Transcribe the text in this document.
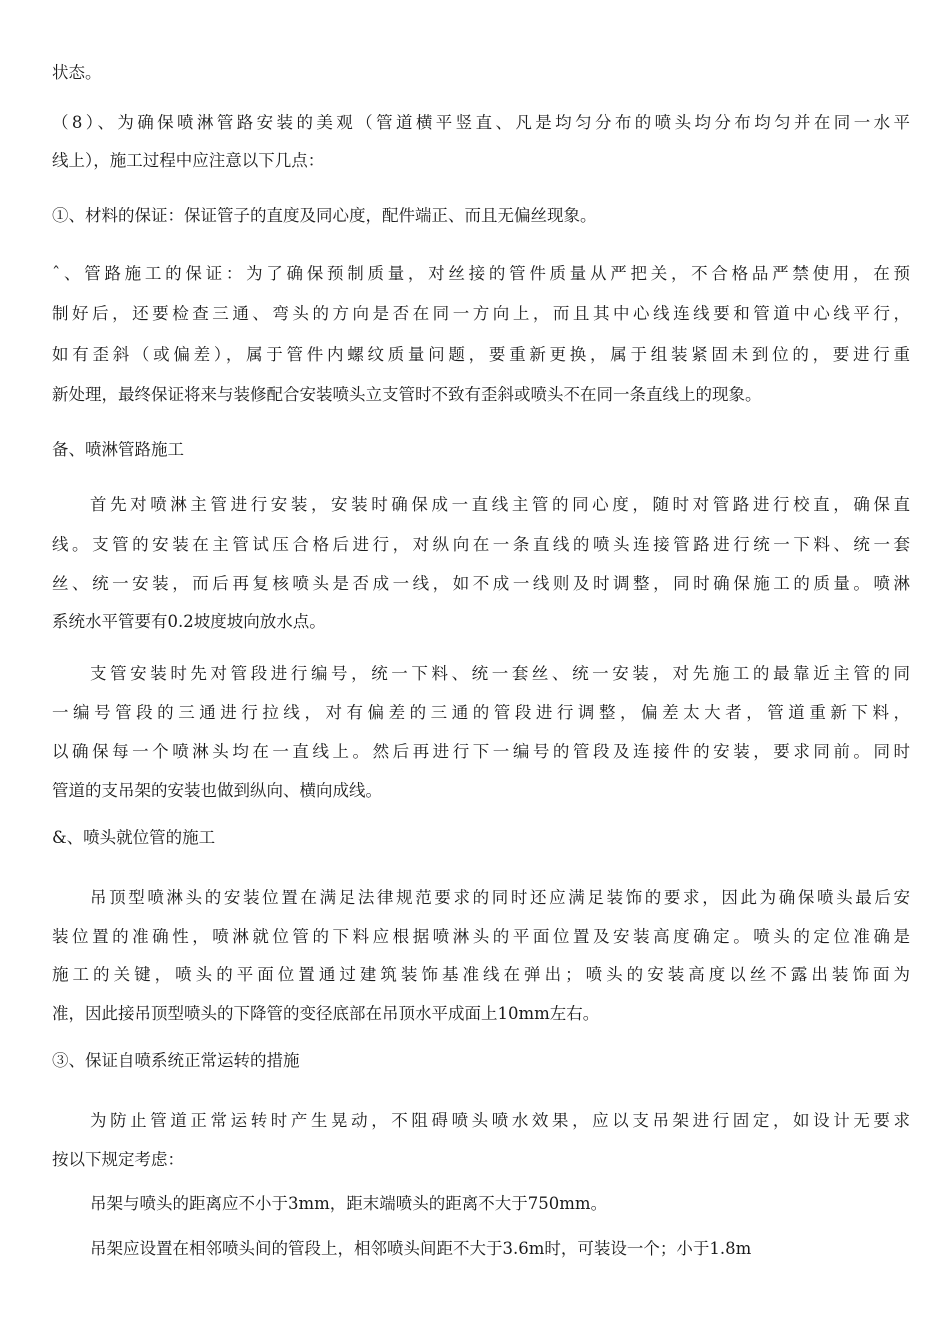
状态。
（8）、为确保喷淋管路安装的美观（管道横平竖直、凡是均匀分布的喷头均分布均匀并在同一水平
线上），施工过程中应注意以下几点：
①、材料的保证：保证管子的直度及同心度，配件端正、而且无偏丝现象。
ˆ、管路施工的保证：为了确保预制质量，对丝接的管件质量从严把关，不合格品严禁使用，在预
制好后，还要检查三通、弯头的方向是否在同一方向上，而且其中心线连线要和管道中心线平行，
如有歪斜（或偏差），属于管件内螺纹质量问题，要重新更换，属于组装紧固未到位的，要进行重
新处理，最终保证将来与装修配合安装喷头立支管时不致有歪斜或喷头不在同一条直线上的现象。
备、喷淋管路施工
首先对喷淋主管进行安装，安装时确保成一直线主管的同心度，随时对管路进行校直，确保直
线。支管的安装在主管试压合格后进行，对纵向在一条直线的喷头连接管路进行统一下料、统一套
丝、统一安装，而后再复核喷头是否成一线，如不成一线则及时调整，同时确保施工的质量。喷淋
系统水平管要有0.2坡度坡向放水点。
支管安装时先对管段进行编号，统一下料、统一套丝、统一安装，对先施工的最靠近主管的同
一编号管段的三通进行拉线，对有偏差的三通的管段进行调整，偏差太大者，管道重新下料，
以确保每一个喷淋头均在一直线上。然后再进行下一编号的管段及连接件的安装，要求同前。同时
管道的支吊架的安装也做到纵向、横向成线。
&、喷头就位管的施工
吊顶型喷淋头的安装位置在满足法律规范要求的同时还应满足装饰的要求，因此为确保喷头最后安
装位置的准确性，喷淋就位管的下料应根据喷淋头的平面位置及安装高度确定。喷头的定位准确是
施工的关键，喷头的平面位置通过建筑装饰基准线在弹出；喷头的安装高度以丝不露出装饰面为
准，因此接吊顶型喷头的下降管的变径底部在吊顶水平成面上10mm左右。
③、保证自喷系统正常运转的措施
为防止管道正常运转时产生晃动，不阻碍喷头喷水效果，应以支吊架进行固定，如设计无要求
按以下规定考虑：
吊架与喷头的距离应不小于3mm，距末端喷头的距离不大于750mm。
吊架应设置在相邻喷头间的管段上，相邻喷头间距不大于3.6m时，可装设一个；小于1.8m
